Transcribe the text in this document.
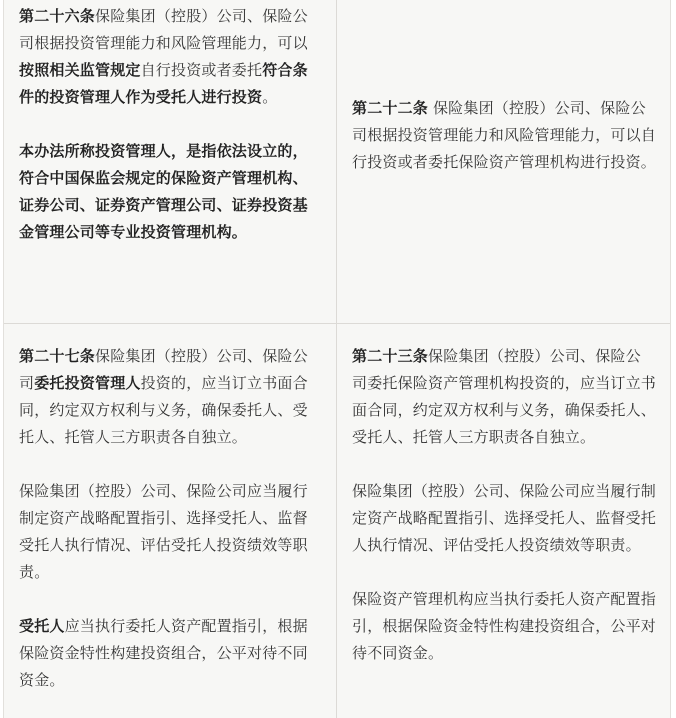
第二十六条保险集团（控股）公司、保险公司根据投资管理能力和风险管理能力，可以按照相关监管规定自行投资或者委托符合条件的投资管理人作为受托人进行投资。

本办法所称投资管理人，是指依法设立的，符合中国保监会规定的保险资产管理机构、证券公司、证券资产管理公司、证券投资基金管理公司等专业投资管理机构。

第二十二条 保险集团（控股）公司、保险公司根据投资管理能力和风险管理能力，可以自行投资或者委托保险资产管理机构进行投资。

第二十七条保险集团（控股）公司、保险公司委托投资管理人投资的，应当订立书面合同，约定双方权利与义务，确保委托人、受托人、托管人三方职责各自独立。

保险集团（控股）公司、保险公司应当履行制定资产战略配置指引、选择受托人、监督受托人执行情况、评估受托人投资绩效等职责。

受托人应当执行委托人资产配置指引，根据保险资金特性构建投资组合，公平对待不同资金。

第二十三条保险集团（控股）公司、保险公司委托保险资产管理机构投资的，应当订立书面合同，约定双方权利与义务，确保委托人、受托人、托管人三方职责各自独立。

保险集团（控股）公司、保险公司应当履行制定资产战略配置指引、选择受托人、监督受托人执行情况、评估受托人投资绩效等职责。

保险资产管理机构应当执行委托人资产配置指引，根据保险资金特性构建投资组合，公平对待不同资金。
